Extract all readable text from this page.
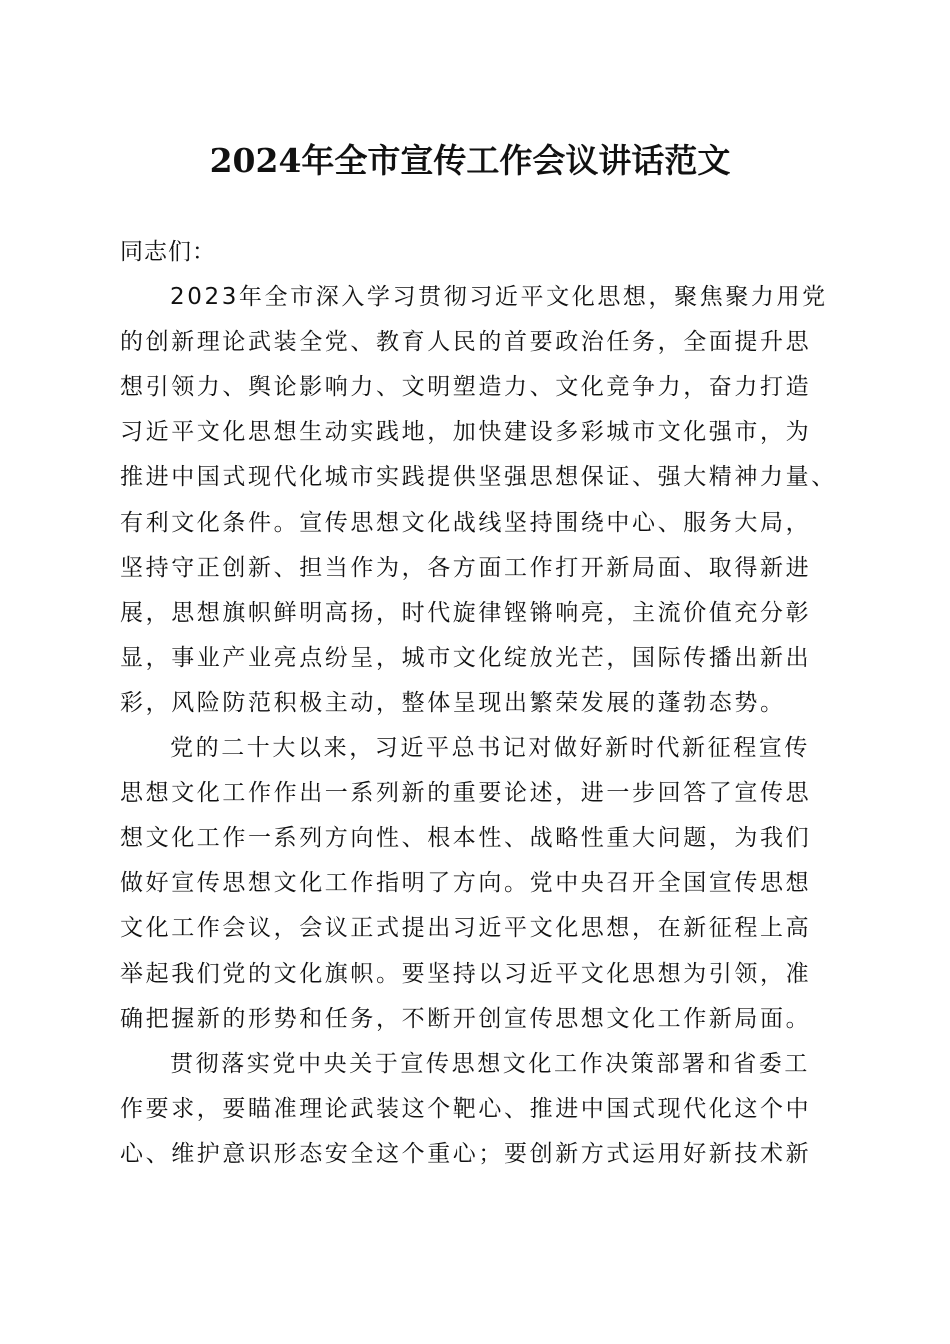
2024年全市宣传工作会议讲话范文
同志们：
2023年全市深入学习贯彻习近平文化思想，聚焦聚力用党
的创新理论武装全党、教育人民的首要政治任务，全面提升思
想引领力、舆论影响力、文明塑造力、文化竞争力，奋力打造
习近平文化思想生动实践地，加快建设多彩城市文化强市，为
推进中国式现代化城市实践提供坚强思想保证、强大精神力量、
有利文化条件。宣传思想文化战线坚持围绕中心、服务大局，
坚持守正创新、担当作为，各方面工作打开新局面、取得新进
展，思想旗帜鲜明高扬，时代旋律铿锵响亮，主流价值充分彰
显，事业产业亮点纷呈，城市文化绽放光芒，国际传播出新出
彩，风险防范积极主动，整体呈现出繁荣发展的蓬勃态势。
党的二十大以来，习近平总书记对做好新时代新征程宣传
思想文化工作作出一系列新的重要论述，进一步回答了宣传思
想文化工作一系列方向性、根本性、战略性重大问题，为我们
做好宣传思想文化工作指明了方向。党中央召开全国宣传思想
文化工作会议，会议正式提出习近平文化思想，在新征程上高
举起我们党的文化旗帜。要坚持以习近平文化思想为引领，准
确把握新的形势和任务，不断开创宣传思想文化工作新局面。
贯彻落实党中央关于宣传思想文化工作决策部署和省委工
作要求，要瞄准理论武装这个靶心、推进中国式现代化这个中
心、维护意识形态安全这个重心；要创新方式运用好新技术新
